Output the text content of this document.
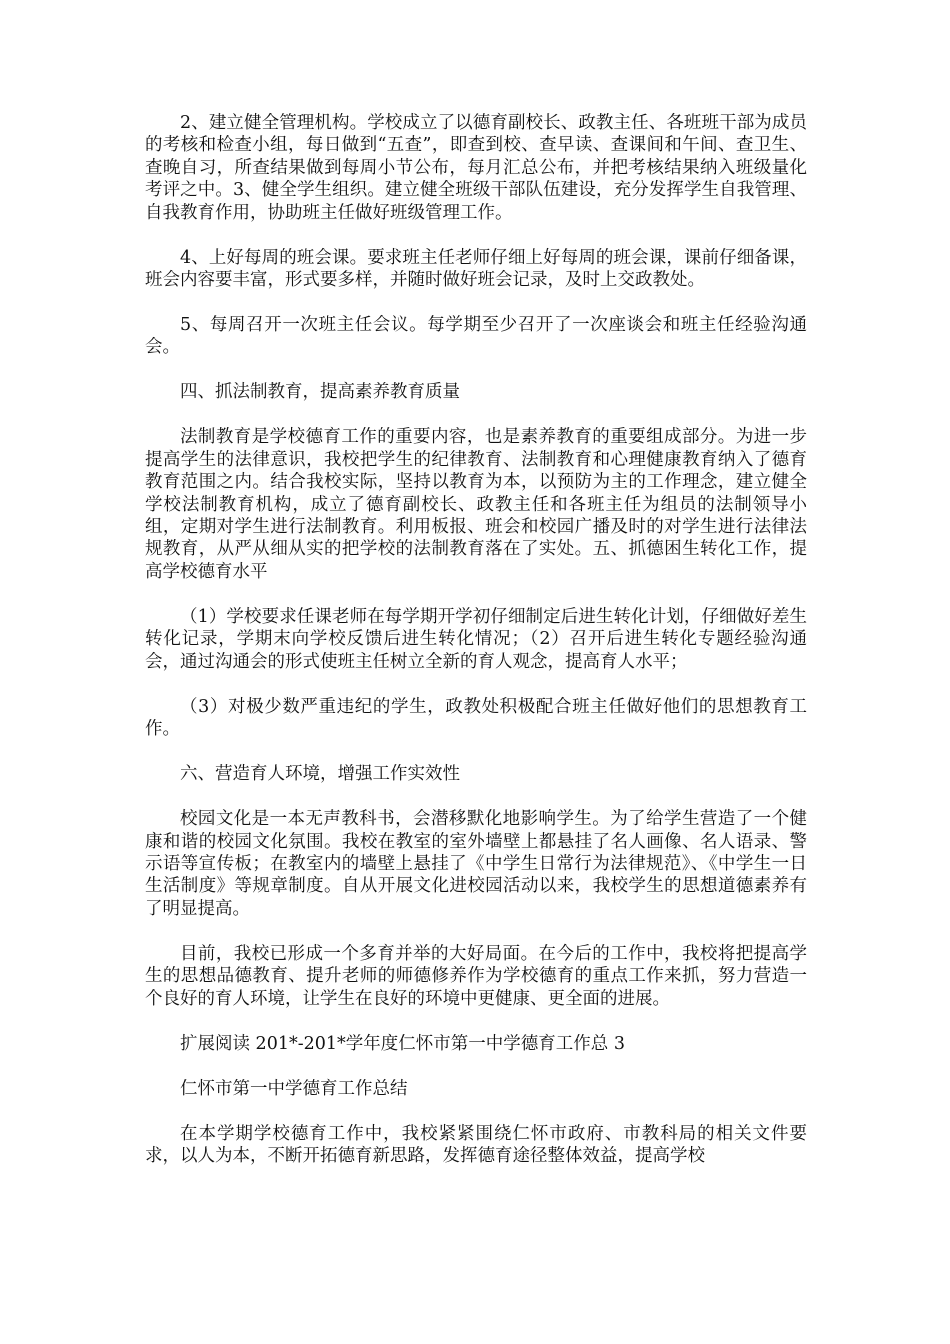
2、建立健全管理机构。学校成立了以德育副校长、政教主任、各班班干部为成员的考核和检查小组，每日做到“五查”，即查到校、查早读、查课间和午间、查卫生、查晚自习，所查结果做到每周小节公布，每月汇总公布，并把考核结果纳入班级量化考评之中。3、健全学生组织。建立健全班级干部队伍建设，充分发挥学生自我管理、自我教育作用，协助班主任做好班级管理工作。

4、上好每周的班会课。要求班主任老师仔细上好每周的班会课，课前仔细备课，班会内容要丰富，形式要多样，并随时做好班会记录，及时上交政教处。

5、每周召开一次班主任会议。每学期至少召开了一次座谈会和班主任经验沟通会。

四、抓法制教育，提高素养教育质量

法制教育是学校德育工作的重要内容，也是素养教育的重要组成部分。为进一步提高学生的法律意识，我校把学生的纪律教育、法制教育和心理健康教育纳入了德育教育范围之内。结合我校实际，坚持以教育为本，以预防为主的工作理念，建立健全学校法制教育机构，成立了德育副校长、政教主任和各班主任为组员的法制领导小组，定期对学生进行法制教育。利用板报、班会和校园广播及时的对学生进行法律法规教育，从严从细从实的把学校的法制教育落在了实处。五、抓德困生转化工作，提高学校德育水平

（1）学校要求任课老师在每学期开学初仔细制定后进生转化计划，仔细做好差生转化记录，学期末向学校反馈后进生转化情况；（2）召开后进生转化专题经验沟通会，通过沟通会的形式使班主任树立全新的育人观念，提高育人水平；

（3）对极少数严重违纪的学生，政教处积极配合班主任做好他们的思想教育工作。

六、营造育人环境，增强工作实效性

校园文化是一本无声教科书，会潜移默化地影响学生。为了给学生营造了一个健康和谐的校园文化氛围。我校在教室的室外墙壁上都悬挂了名人画像、名人语录、警示语等宣传板；在教室内的墙壁上悬挂了《中学生日常行为法律规范》、《中学生一日生活制度》等规章制度。自从开展文化进校园活动以来，我校学生的思想道德素养有了明显提高。

目前，我校已形成一个多育并举的大好局面。在今后的工作中，我校将把提高学生的思想品德教育、提升老师的师德修养作为学校德育的重点工作来抓，努力营造一个良好的育人环境，让学生在良好的环境中更健康、更全面的进展。

扩展阅读 201*-201*学年度仁怀市第一中学德育工作总 3

仁怀市第一中学德育工作总结

在本学期学校德育工作中，我校紧紧围绕仁怀市政府、市教科局的相关文件要求，以人为本，不断开拓德育新思路，发挥德育途径整体效益，提高学校
